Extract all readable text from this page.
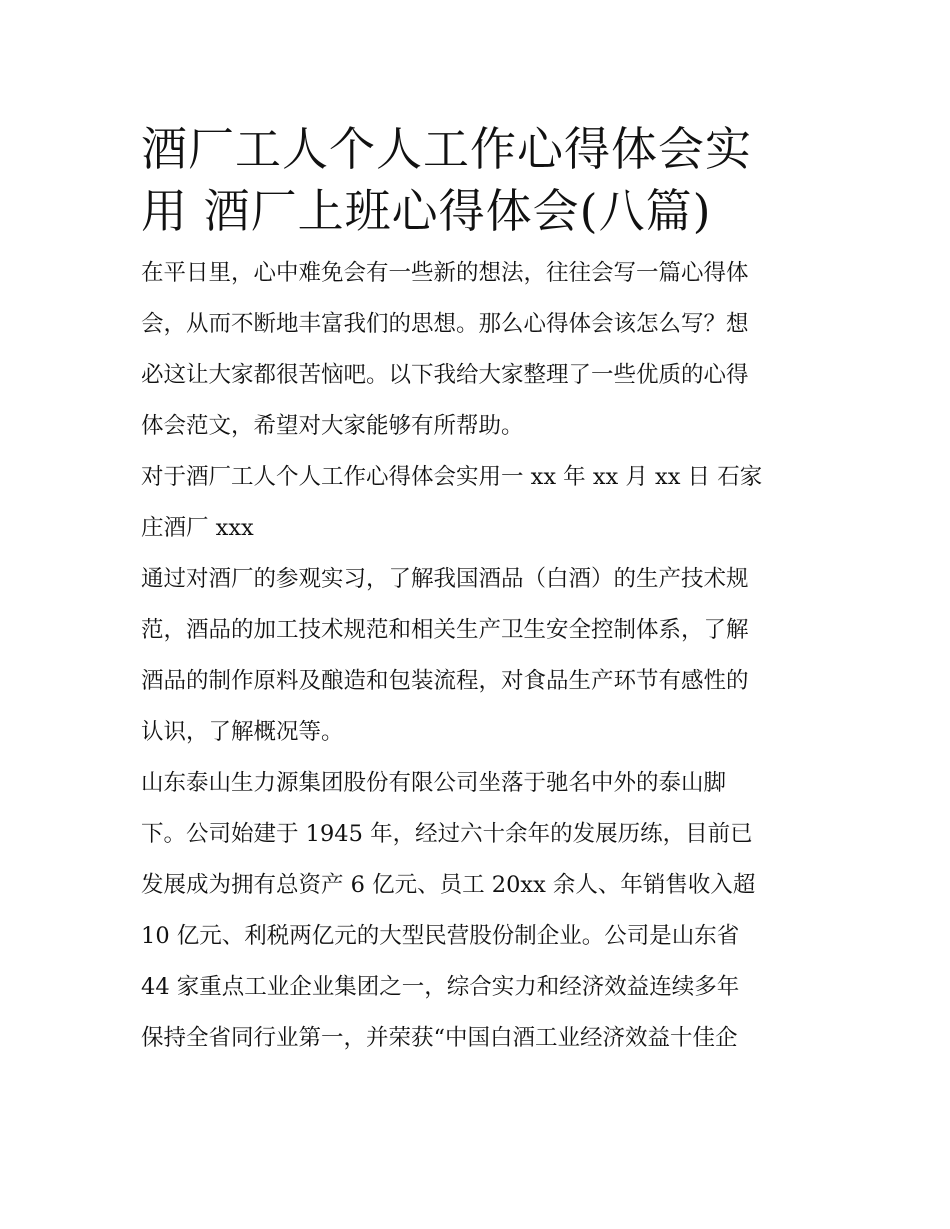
酒厂工人个人工作心得体会实
用 酒厂上班心得体会(八篇)

在平日里，心中难免会有一些新的想法，往往会写一篇心得体
会，从而不断地丰富我们的思想。那么心得体会该怎么写？想
必这让大家都很苦恼吧。以下我给大家整理了一些优质的心得
体会范文，希望对大家能够有所帮助。

对于酒厂工人个人工作心得体会实用一 xx 年 xx 月 xx 日 石家
庄酒厂 xxx

通过对酒厂的参观实习，了解我国酒品（白酒）的生产技术规
范，酒品的加工技术规范和相关生产卫生安全控制体系，了解
酒品的制作原料及酿造和包装流程，对食品生产环节有感性的
认识，了解概况等。

山东泰山生力源集团股份有限公司坐落于驰名中外的泰山脚
下。公司始建于 1945 年，经过六十余年的发展历练，目前已
发展成为拥有总资产 6 亿元、员工 20xx 余人、年销售收入超
10 亿元、利税两亿元的大型民营股份制企业。公司是山东省
44 家重点工业企业集团之一，综合实力和经济效益连续多年
保持全省同行业第一，并荣获“中国白酒工业经济效益十佳企
